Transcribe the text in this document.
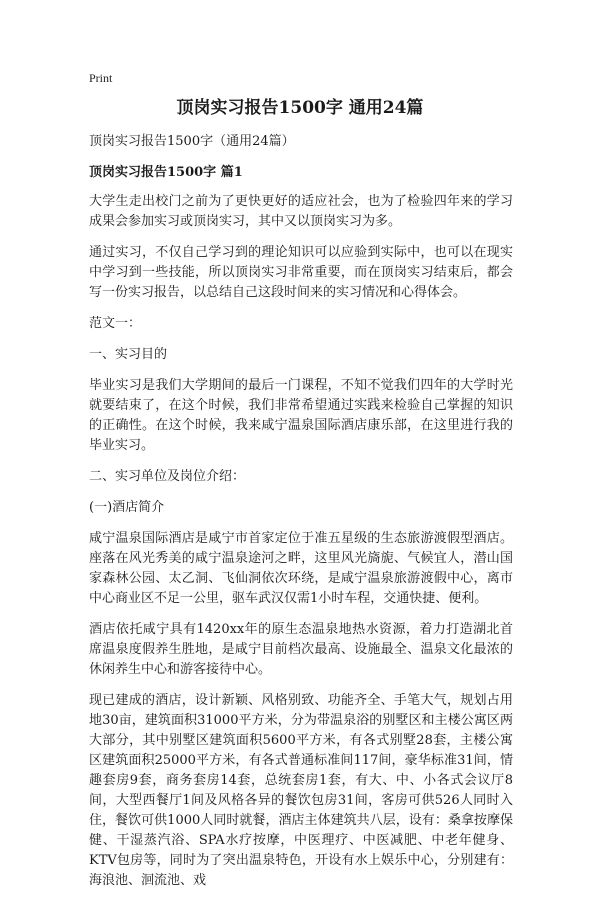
Print
顶岗实习报告1500字 通用24篇

顶岗实习报告1500字（通用24篇）

顶岗实习报告1500字 篇1

大学生走出校门之前为了更快更好的适应社会，也为了检验四年来的学习成果会参加实习或顶岗实习，其中又以顶岗实习为多。

通过实习，不仅自己学习到的理论知识可以应验到实际中，也可以在现实中学习到一些技能，所以顶岗实习非常重要，而在顶岗实习结束后，都会写一份实习报告，以总结自己这段时间来的实习情况和心得体会。

范文一：

一、实习目的

毕业实习是我们大学期间的最后一门课程，不知不觉我们四年的大学时光就要结束了，在这个时候，我们非常希望通过实践来检验自己掌握的知识的正确性。在这个时候，我来咸宁温泉国际酒店康乐部，在这里进行我的毕业实习。

二、实习单位及岗位介绍：

(一)酒店简介

咸宁温泉国际酒店是咸宁市首家定位于准五星级的生态旅游渡假型酒店。座落在风光秀美的咸宁温泉途河之畔，这里风光旖旎、气候宜人，潜山国家森林公园、太乙洞、飞仙洞依次环绕，是咸宁温泉旅游渡假中心，离市中心商业区不足一公里，驱车武汉仅需1小时车程，交通快捷、便利。

酒店依托咸宁具有1420xx年的原生态温泉地热水资源，着力打造湖北首席温泉度假养生胜地，是咸宁目前档次最高、设施最全、温泉文化最浓的休闲养生中心和游客接待中心。

现已建成的酒店，设计新颖、风格别致、功能齐全、手笔大气，规划占用地30亩，建筑面积31000平方米，分为带温泉浴的别墅区和主楼公寓区两大部分，其中别墅区建筑面积5600平方米，有各式别墅28套，主楼公寓区建筑面积25000平方米，有各式普通标准间117间，豪华标准31间，情趣套房9套，商务套房14套，总统套房1套，有大、中、小各式会议厅8间，大型西餐厅1间及风格各异的餐饮包房31间，客房可供526人同时入住，餐饮可供1000人同时就餐，酒店主体建筑共八层，设有：桑拿按摩保健、干湿蒸汽浴、SPA水疗按摩，中医理疗、中医减肥、中老年健身、KTV包房等，同时为了突出温泉特色，开设有水上娱乐中心，分别建有：海浪池、洄流池、戏
